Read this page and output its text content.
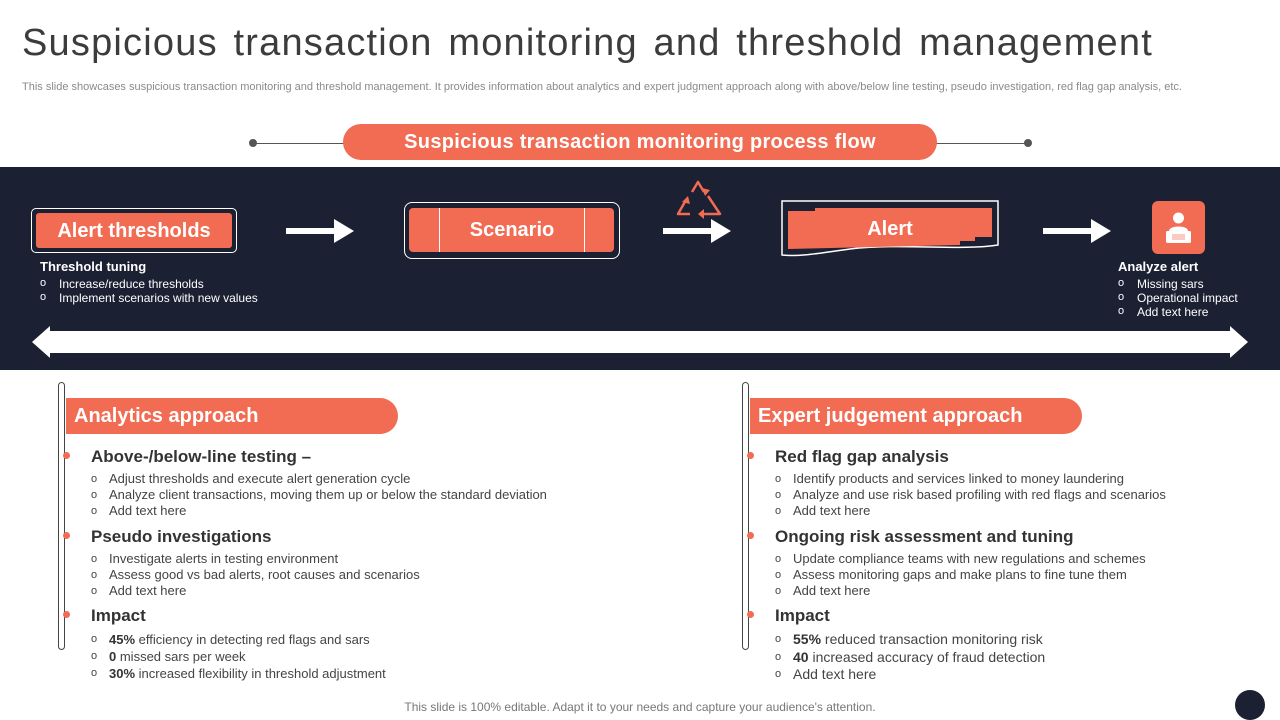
Suspicious transaction monitoring and threshold management
This slide showcases suspicious transaction monitoring and threshold management. It provides information about analytics and expert judgment approach along with above/below line testing, pseudo investigation, red flag gap analysis, etc.
Suspicious transaction monitoring process flow
Alert thresholds	Scenario	Alert
Threshold tuning
o Increase/reduce thresholds
o Implement scenarios with new values
Analyze alert
o Missing sars
o Operational impact
o Add text here
Analytics approach
Above-/below-line testing –
o Adjust thresholds and execute alert generation cycle
o Analyze client transactions, moving them up or below the standard deviation
o Add text here
Pseudo investigations
o Investigate alerts in testing environment
o Assess good vs bad alerts, root causes and scenarios
o Add text here
Impact
o 45% efficiency in detecting red flags and sars
o 0 missed sars per week
o 30% increased flexibility in threshold adjustment
Expert judgement approach
Red flag gap analysis
o Identify products and services linked to money laundering
o Analyze and use risk based profiling with red flags and scenarios
o Add text here
Ongoing risk assessment and tuning
o Update compliance teams with new regulations and schemes
o Assess monitoring gaps and make plans to fine tune them
o Add text here
Impact
o 55% reduced transaction monitoring risk
o 40 increased accuracy of fraud detection
o Add text here
This slide is 100% editable. Adapt it to your needs and capture your audience's attention.
